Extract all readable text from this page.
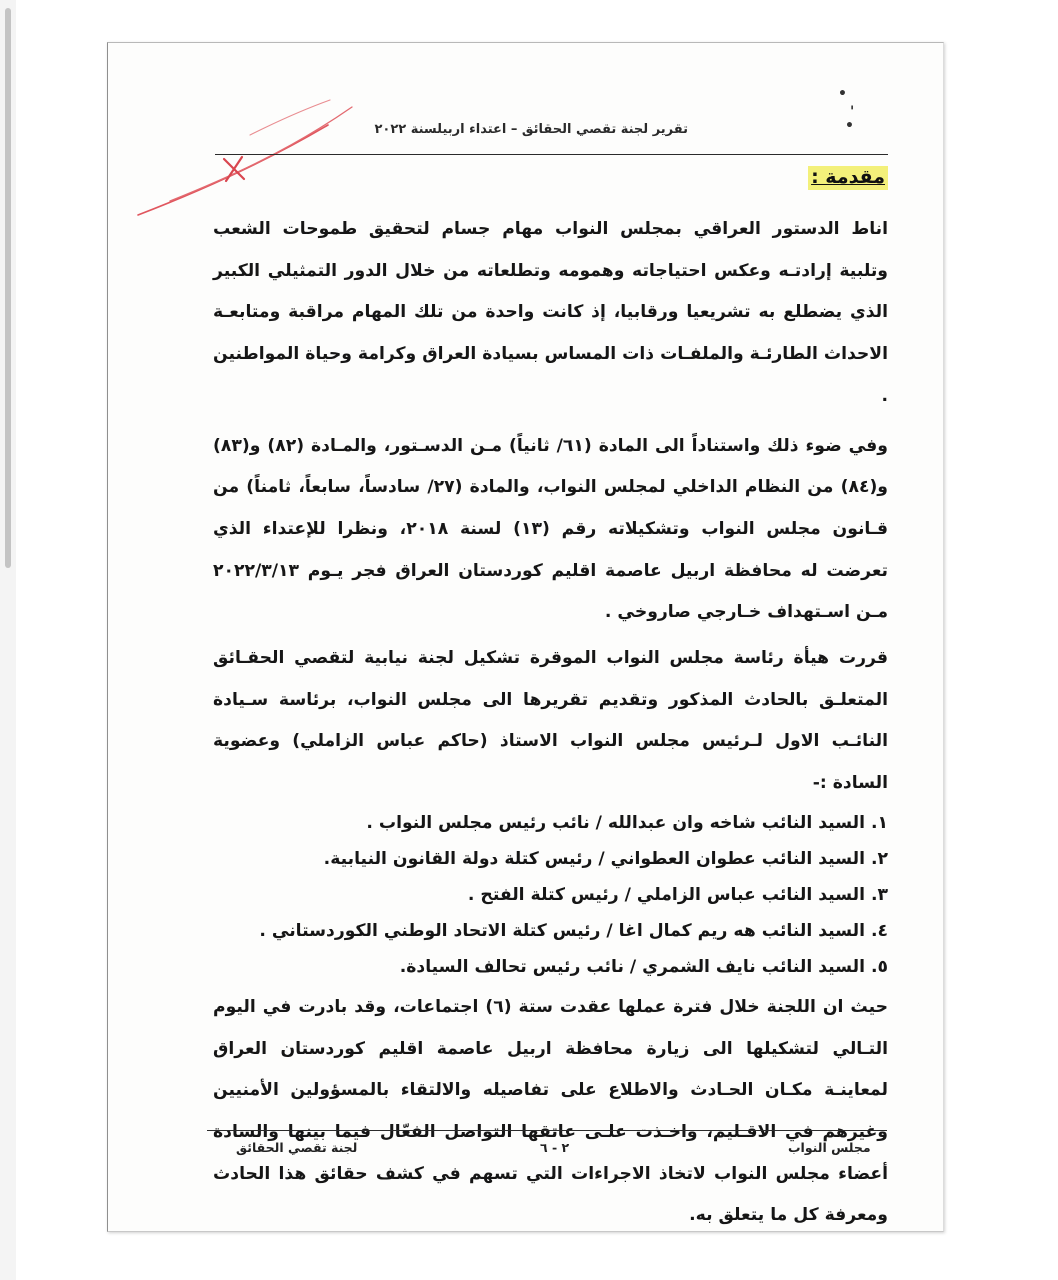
•
'
•
تقرير لجنة تقصي الحقائق – اعتداء اربيلسنة ٢٠٢٢
مقدمة :

اناط الدستور العراقي بمجلس النواب مهام جسام لتحقيق طموحات الشعب وتلبية إرادتـه وعكس احتياجاته وهمومه وتطلعاته من خلال الدور التمثيلي الكبير الذي يضطلع به تشريعيا ورقابيا، إذ كانت واحدة من تلك المهام مراقبة ومتابعـة الاحداث الطارئـة والملفـات ذات المساس بسيادة العراق وكرامة وحياة المواطنين .

وفي ضوء ذلك واستناداً الى المادة (٦١/ ثانياً) مـن الدسـتور، والمـادة (٨٢) و(٨٣) و(٨٤) من النظام الداخلي لمجلس النواب، والمادة (٢٧/ سادساً، سابعاً، ثامناً) من قـانون مجلس النواب وتشكيلاته رقم (١٣) لسنة ٢٠١٨، ونظرا للإعتداء الذي تعرضت له محافظة اربيل عاصمة اقليم كوردستان العراق فجر يـوم ٢٠٢٢/٣/١٣ مـن اسـتهداف خـارجي صاروخي .

قررت هيأة رئاسة مجلس النواب الموقرة تشكيل لجنة نيابية لتقصي الحقـائق المتعلـق بالحادث المذكور وتقديم تقريرها الى مجلس النواب، برئاسة سـيادة النائـب الاول لـرئيس مجلس النواب الاستاذ (حاكم عباس الزاملي) وعضوية السادة :-

١. السيد النائب شاخه وان عبدالله / نائب رئيس مجلس النواب .
٢. السيد النائب عطوان العطواني / رئيس كتلة دولة القانون النيابية.
٣. السيد النائب عباس الزاملي / رئيس كتلة الفتح .
٤. السيد النائب هه ريم كمال اغا / رئيس كتلة الاتحاد الوطني الكوردستاني .
٥. السيد النائب نايف الشمري / نائب رئيس تحالف السيادة.

حيث ان اللجنة خلال فترة عملها عقدت ستة (٦) اجتماعات، وقد بادرت في اليوم التـالي لتشكيلها الى زيارة محافظة اربيل عاصمة اقليم كوردستان العراق لمعاينـة مكـان الحـادث والاطلاع على تفاصيله والالتقاء بالمسؤولين الأمنيين وغيرهم في الاقـليم، واخـذت علـى عاتقها التواصل الفعّال فيما بينها والسادة أعضاء مجلس النواب لاتخاذ الاجراءات التي تسهم في كشف حقائق هذا الحادث ومعرفة كل ما يتعلق به.

مجلس النواب
٢ - ٦
لجنة تقصي الحقائق
